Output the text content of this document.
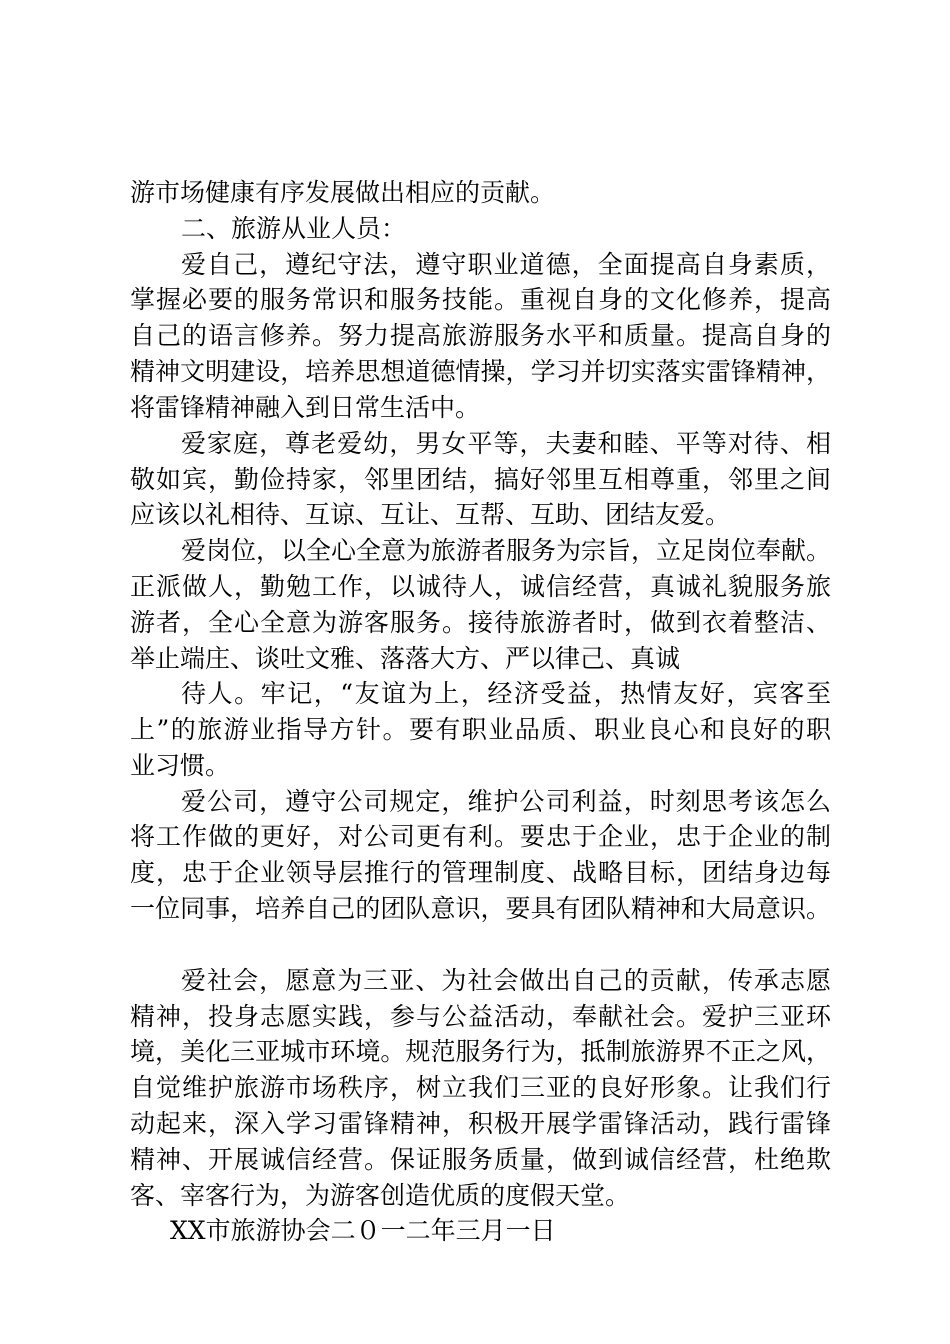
游市场健康有序发展做出相应的贡献。
二、旅游从业人员：
爱自己，遵纪守法，遵守职业道德，全面提高自身素质，
掌握必要的服务常识和服务技能。重视自身的文化修养，提高
自己的语言修养。努力提高旅游服务水平和质量。提高自身的
精神文明建设，培养思想道德情操，学习并切实落实雷锋精神，
将雷锋精神融入到日常生活中。
爱家庭，尊老爱幼，男女平等，夫妻和睦、平等对待、相
敬如宾，勤俭持家，邻里团结，搞好邻里互相尊重，邻里之间
应该以礼相待、互谅、互让、互帮、互助、团结友爱。
爱岗位，以全心全意为旅游者服务为宗旨，立足岗位奉献。
正派做人，勤勉工作，以诚待人，诚信经营，真诚礼貌服务旅
游者，全心全意为游客服务。接待旅游者时，做到衣着整洁、
举止端庄、谈吐文雅、落落大方、严以律己、真诚
待人。牢记，“友谊为上，经济受益，热情友好，宾客至
上”的旅游业指导方针。要有职业品质、职业良心和良好的职
业习惯。
爱公司，遵守公司规定，维护公司利益，时刻思考该怎么
将工作做的更好，对公司更有利。要忠于企业，忠于企业的制
度，忠于企业领导层推行的管理制度、战略目标，团结身边每
一位同事，培养自己的团队意识，要具有团队精神和大局意识。
爱社会，愿意为三亚、为社会做出自己的贡献，传承志愿
精神，投身志愿实践，参与公益活动，奉献社会。爱护三亚环
境，美化三亚城市环境。规范服务行为，抵制旅游界不正之风，
自觉维护旅游市场秩序，树立我们三亚的良好形象。让我们行
动起来，深入学习雷锋精神，积极开展学雷锋活动，践行雷锋
精神、开展诚信经营。保证服务质量，做到诚信经营，杜绝欺
客、宰客行为，为游客创造优质的度假天堂。
XX市旅游协会二０一二年三月一日
